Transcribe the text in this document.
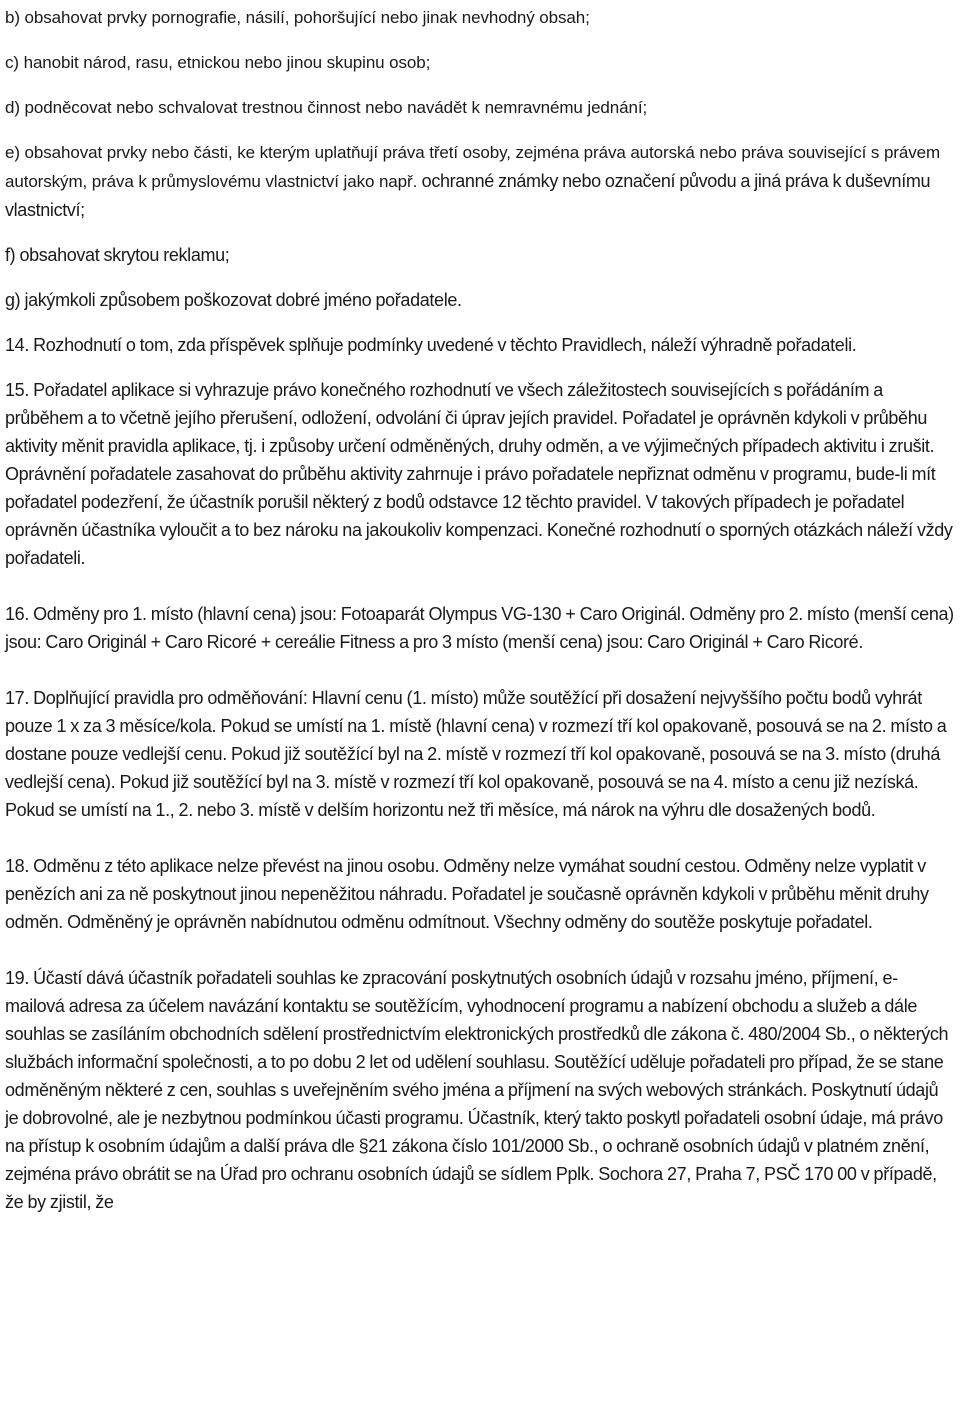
b) obsahovat prvky pornografie, násilí, pohoršující nebo jinak nevhodný obsah;

c) hanobit národ, rasu, etnickou nebo jinou skupinu osob;

d) podněcovat nebo schvalovat trestnou činnost nebo navádět k nemravnému jednání;

e) obsahovat prvky nebo části, ke kterým uplatňují práva třetí osoby, zejména práva autorská nebo práva související s právem autorským, práva k průmyslovému vlastnictví jako např. ochranné známky nebo označení původu a jiná práva k duševnímu vlastnictví;

f) obsahovat skrytou reklamu;

g) jakýmkoli způsobem poškozovat dobré jméno pořadatele.

14. Rozhodnutí o tom, zda příspěvek splňuje podmínky uvedené v těchto Pravidlech, náleží výhradně pořadateli.

15. Pořadatel aplikace si vyhrazuje právo konečného rozhodnutí ve všech záležitostech souvisejících s pořádáním a průběhem a to včetně jejího přerušení, odložení, odvolání či úprav jejích pravidel. Pořadatel je oprávněn kdykoli v průběhu aktivity měnit pravidla aplikace, tj. i způsoby určení odměněných, druhy odměn, a ve výjimečných případech aktivitu i zrušit. Oprávnění pořadatele zasahovat do průběhu aktivity zahrnuje i právo pořadatele nepřiznat odměnu v programu, bude-li mít pořadatel podezření, že účastník porušil některý z bodů odstavce 12 těchto pravidel. V takových případech je pořadatel oprávněn účastníka vyloučit a to bez nároku na jakoukoliv kompenzaci. Konečné rozhodnutí o sporných otázkách náleží vždy pořadateli.

16. Odměny pro 1. místo (hlavní cena) jsou: Fotoaparát Olympus VG-130 + Caro Originál. Odměny pro 2. místo (menší cena) jsou: Caro Originál + Caro Ricoré + cereálie Fitness a pro 3 místo (menší cena) jsou: Caro Originál + Caro Ricoré.

17. Doplňující pravidla pro odměňování: Hlavní cenu (1. místo) může soutěžící při dosažení nejvyššího počtu bodů vyhrát pouze 1 x za 3 měsíce/kola. Pokud se umístí na 1. místě (hlavní cena) v rozmezí tří kol opakovaně, posouvá se na 2. místo a dostane pouze vedlejší cenu. Pokud již soutěžící byl na 2. místě v rozmezí tří kol opakovaně, posouvá se na 3. místo (druhá vedlejší cena). Pokud již soutěžící byl na 3. místě v rozmezí tří kol opakovaně, posouvá se na 4. místo a cenu již nezíská. Pokud se umístí na 1., 2. nebo 3. místě v delším horizontu než tři měsíce, má nárok na výhru dle dosažených bodů.

18. Odměnu z této aplikace nelze převést na jinou osobu. Odměny nelze vymáhat soudní cestou. Odměny nelze vyplatit v penězích ani za ně poskytnout jinou nepeněžitou náhradu. Pořadatel je současně oprávněn kdykoli v průběhu měnit druhy odměn. Odměněný je oprávněn nabídnutou odměnu odmítnout. Všechny odměny do soutěže poskytuje pořadatel.

19. Účastí dává účastník pořadateli souhlas ke zpracování poskytnutých osobních údajů v rozsahu jméno, příjmení, e-mailová adresa za účelem navázání kontaktu se soutěžícím, vyhodnocení programu a nabízení obchodu a služeb a dále souhlas se zasíláním obchodních sdělení prostřednictvím elektronických prostředků dle zákona č. 480/2004 Sb., o některých službách informační společnosti, a to po dobu 2 let od udělení souhlasu. Soutěžící uděluje pořadateli pro případ, že se stane odměněným některé z cen, souhlas s uveřejněním svého jména a příjmení na svých webových stránkách. Poskytnutí údajů je dobrovolné, ale je nezbytnou podmínkou účasti programu. Účastník, který takto poskytl pořadateli osobní údaje, má právo na přístup k osobním údajům a další práva dle §21 zákona číslo 101/2000 Sb., o ochraně osobních údajů v platném znění, zejména právo obrátit se na Úřad pro ochranu osobních údajů se sídlem Pplk. Sochora 27, Praha 7, PSČ 170 00 v případě, že by zjistil, že
